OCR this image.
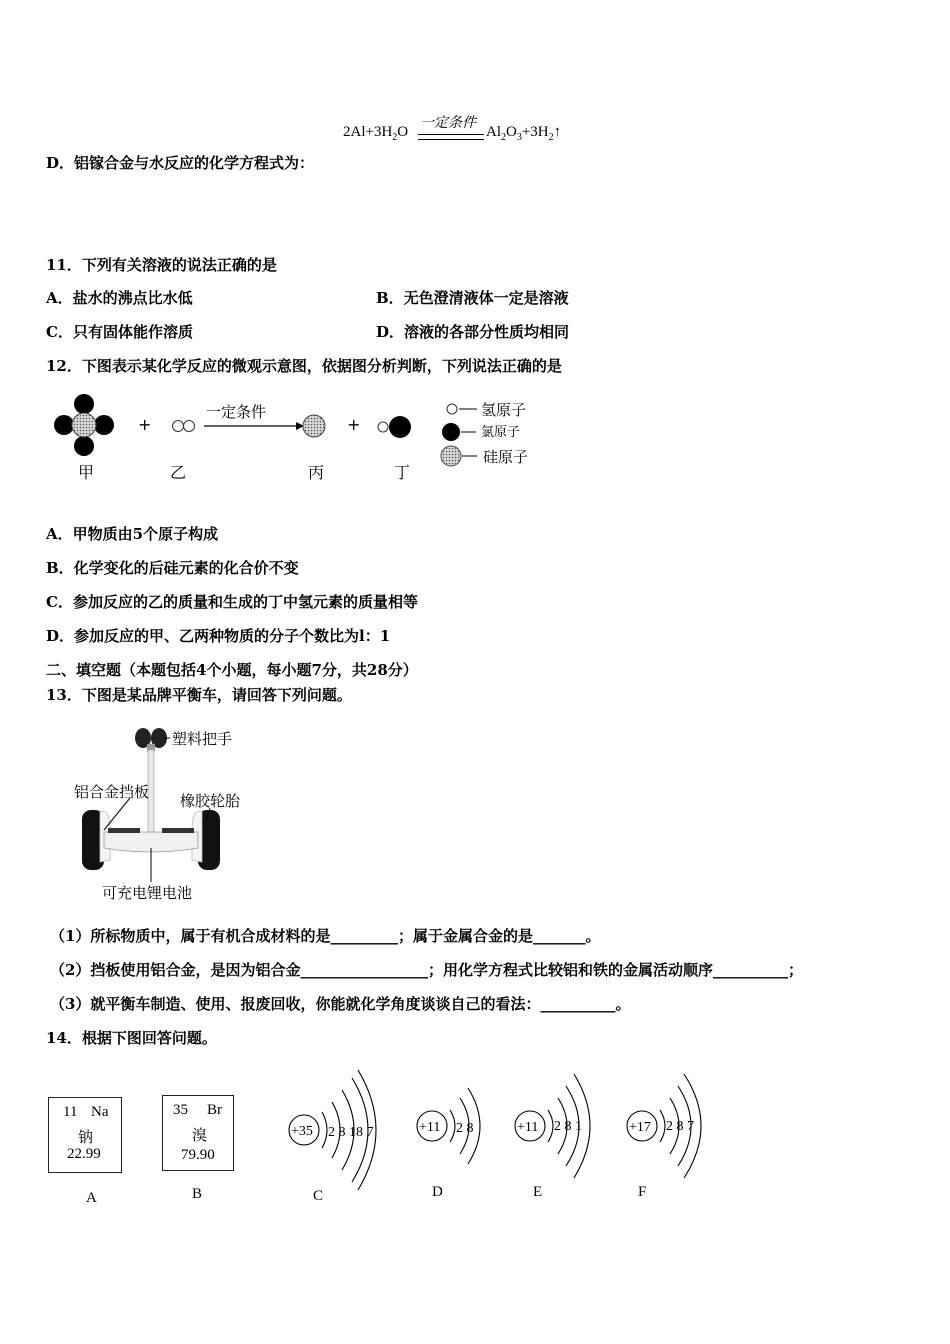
$2Al+3H_2O$
一定条件
$Al_2O_3+3H_2↑$
D．铝镓合金与水反应的化学方程式为：
11．下列有关溶液的说法正确的是
A．盐水的沸点比水低	B．无色澄清液体一定是溶液
C．只有固体能作溶质	D．溶液的各部分性质均相同
12．下图表示某化学反应的微观示意图，依据图分析判断，下列说法正确的是
+
一定条件
+
甲	乙	丙	丁
氢原子
氯原子
硅原子
A．甲物质由5个原子构成
B．化学变化的后硅元素的化合价不变
C．参加反应的乙的质量和生成的丁中氢元素的质量相等
D．参加反应的甲、乙两种物质的分子个数比为l：1
二、填空题（本题包括4个小题，每小题7分，共28分）
13．下图是某品牌平衡车，请回答下列问题。
塑料把手
铝合金挡板 橡胶轮胎
可充电锂电池
（1）所标物质中，属于有机合成材料的是_________；属于金属合金的是_______。
（2）挡板使用铝合金，是因为铝合金_________________；用化学方程式比较铝和铁的金属活动顺序__________；
（3）就平衡车制造、使用、报废回收，你能就化学角度谈谈自己的看法：__________。
14．根据下图回答问题。
11 Na
钠
22.99
A
35 Br
溴
79.90
B
+35 2 8 18 7	+11 2 8	+11 2 8 1	+17 2 8 7
C	D	E	F
